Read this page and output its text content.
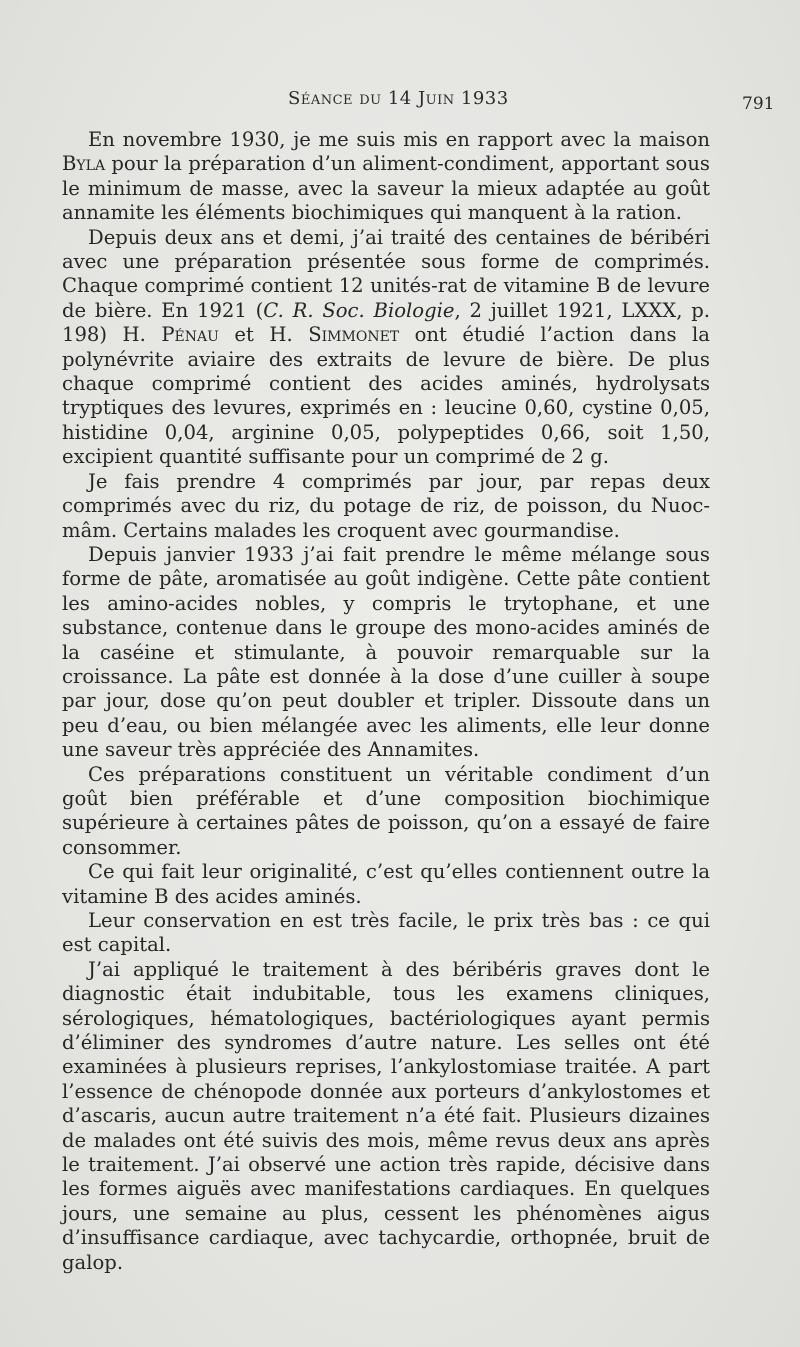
Séance du 14 Juin 1933	791

En novembre 1930, je me suis mis en rapport avec la maison Byla pour la préparation d’un aliment-condiment, apportant sous le minimum de masse, avec la saveur la mieux adaptée au goût annamite les éléments biochimiques qui manquent à la ration.

Depuis deux ans et demi, j’ai traité des centaines de béribéri avec une préparation présentée sous forme de comprimés. Chaque comprimé contient 12 unités-rat de vitamine B de levure de bière. En 1921 (C. R. Soc. Biologie, 2 juillet 1921, LXXX, p. 198) H. Pénau et H. Simmonet ont étudié l’action dans la polynévrite aviaire des extraits de levure de bière. De plus chaque comprimé contient des acides aminés, hydrolysats tryptiques des levures, exprimés en : leucine 0,60, cystine 0,05, histidine 0,04, arginine 0,05, polypeptides 0,66, soit 1,50, excipient quantité suffisante pour un comprimé de 2 g.

Je fais prendre 4 comprimés par jour, par repas deux comprimés avec du riz, du potage de riz, de poisson, du Nuoc-mâm. Certains malades les croquent avec gourmandise.

Depuis janvier 1933 j’ai fait prendre le même mélange sous forme de pâte, aromatisée au goût indigène. Cette pâte contient les amino-acides nobles, y compris le trytophane, et une substance, contenue dans le groupe des mono-acides aminés de la caséine et stimulante, à pouvoir remarquable sur la croissance. La pâte est donnée à la dose d’une cuiller à soupe par jour, dose qu’on peut doubler et tripler. Dissoute dans un peu d’eau, ou bien mélangée avec les aliments, elle leur donne une saveur très appréciée des Annamites.

Ces préparations constituent un véritable condiment d’un goût bien préférable et d’une composition biochimique supérieure à certaines pâtes de poisson, qu’on a essayé de faire consommer.

Ce qui fait leur originalité, c’est qu’elles contiennent outre la vitamine B des acides aminés.

Leur conservation en est très facile, le prix très bas : ce qui est capital.

J’ai appliqué le traitement à des béribéris graves dont le diagnostic était indubitable, tous les examens cliniques, sérologiques, hématologiques, bactériologiques ayant permis d’éliminer des syndromes d’autre nature. Les selles ont été examinées à plusieurs reprises, l’ankylostomiase traitée. A part l’essence de chénopode donnée aux porteurs d’ankylostomes et d’ascaris, aucun autre traitement n’a été fait. Plusieurs dizaines de malades ont été suivis des mois, même revus deux ans après le traitement. J’ai observé une action très rapide, décisive dans les formes aiguës avec manifestations cardiaques. En quelques jours, une semaine au plus, cessent les phénomènes aigus d’insuffisance cardiaque, avec tachycardie, orthopnée, bruit de galop.
